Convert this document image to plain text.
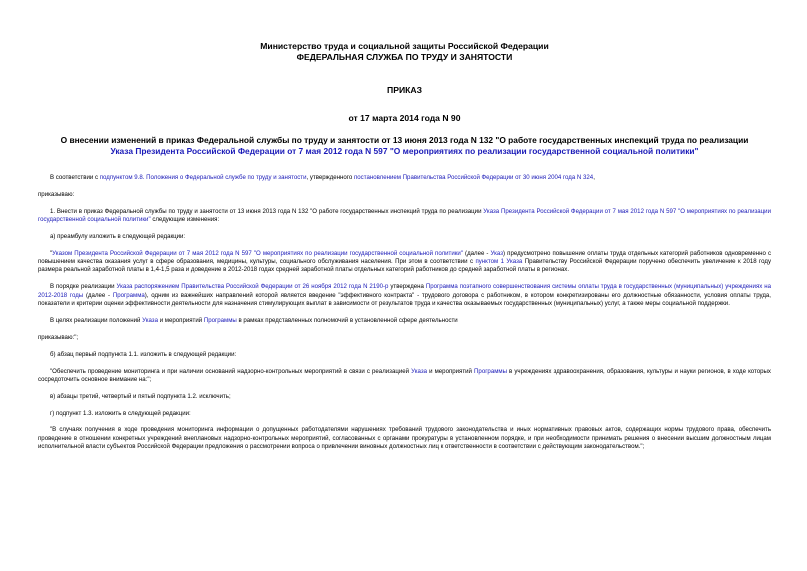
Министерство труда и социальной защиты Российской Федерации
ФЕДЕРАЛЬНАЯ СЛУЖБА ПО ТРУДУ И ЗАНЯТОСТИ
ПРИКАЗ
от 17 марта 2014 года N 90
О внесении изменений в приказ Федеральной службы по труду и занятости от 13 июня 2013 года N 132 "О работе государственных инспекций труда по реализации
Указа Президента Российской Федерации от 7 мая 2012 года N 597 "О мероприятиях по реализации государственной социальной политики"

В соответствии с подпунктом 9.8. Положения о Федеральной службе по труду и занятости, утвержденного постановлением Правительства Российской Федерации от 30 июня 2004 года N 324,

приказываю:

1. Внести в приказ Федеральной службы по труду и занятости от 13 июня 2013 года N 132 "О работе государственных инспекций труда по реализации Указа Президента Российской Федерации от 7 мая 2012 года N 597 "О мероприятиях по реализации государственной социальной политики" следующие изменения:

а) преамбулу изложить в следующей редакции:

"Указом Президента Российской Федерации от 7 мая 2012 года N 597 "О мероприятиях по реализации государственной социальной политики" (далее - Указ) предусмотрено повышение оплаты труда отдельных категорий работников одновременно с повышением качества оказания услуг в сфере образования, медицины, культуры, социального обслуживания населения. При этом в соответствии с пунктом 1 Указа Правительству Российской Федерации поручено обеспечить увеличение к 2018 году размера реальной заработной платы в 1,4-1,5 раза и доведение в 2012-2018 годах средней заработной платы отдельных категорий работников до средней заработной платы в регионах.

В порядке реализации Указа распоряжением Правительства Российской Федерации от 26 ноября 2012 года N 2190-р утверждена Программа поэтапного совершенствования системы оплаты труда в государственных (муниципальных) учреждениях на 2012-2018 годы (далее - Программа), одним из важнейших направлений которой является введение "эффективного контракта" - трудового договора с работником, в котором конкретизированы его должностные обязанности, условия оплаты труда, показатели и критерии оценки эффективности деятельности для назначения стимулирующих выплат в зависимости от результатов труда и качества оказываемых государственных (муниципальных) услуг, а также меры социальной поддержки.

В целях реализации положений Указа и мероприятий Программы в рамках представленных полномочий в установленной сфере деятельности

приказываю:";

б) абзац первый подпункта 1.1. изложить в следующей редакции:

"Обеспечить проведение мониторинга и при наличии оснований надзорно-контрольных мероприятий в связи с реализацией Указа и мероприятий Программы в учреждениях здравоохранения, образования, культуры и науки регионов, в ходе которых сосредоточить основное внимание на:";

в) абзацы третий, четвертый и пятый подпункта 1.2. исключить;

г) подпункт 1.3. изложить в следующей редакции:

"В случаях получения в ходе проведения мониторинга информации о допущенных работодателями нарушениях требований трудового законодательства и иных нормативных правовых актов, содержащих нормы трудового права, обеспечить проведение в отношении конкретных учреждений внеплановых надзорно-контрольных мероприятий, согласованных с органами прокуратуры в установленном порядке, и при необходимости принимать решения о внесении высшим должностным лицам исполнительной власти субъектов Российской Федерации предложения о рассмотрении вопроса о привлечении виновных должностных лиц к ответственности в соответствии с действующим законодательством.";
